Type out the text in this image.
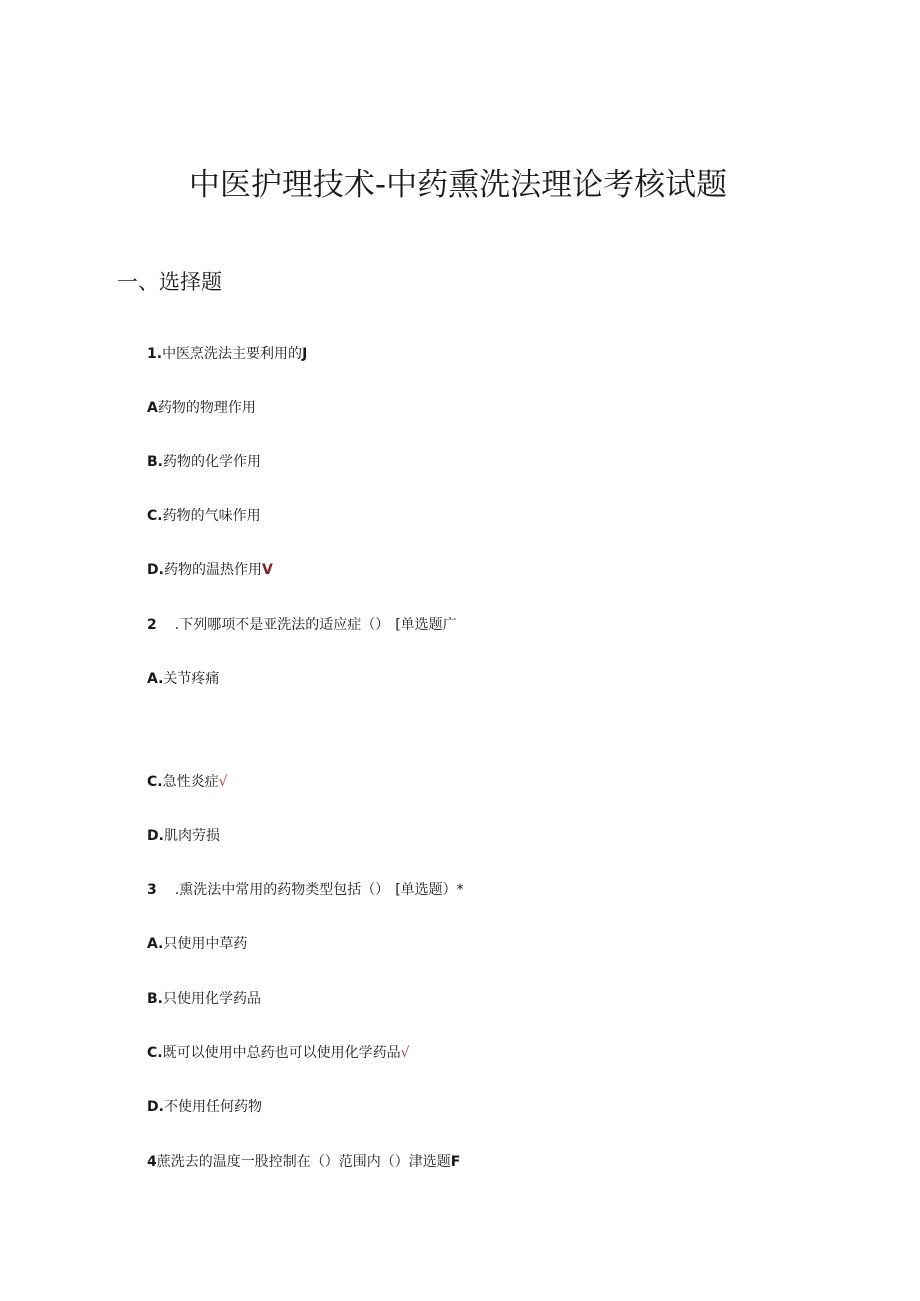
中医护理技术-中药熏洗法理论考核试题
一、选择题

1.中医烹洗法主要利用的J

A药物的物理作用

B.药物的化学作用

C.药物的气味作用

D.药物的温热作用V

2 .下列哪项不是亚洗法的适应症（） [单选题广

A.关节疼痛

C.急性炎症√

D.肌肉劳损

3 .熏洗法中常用的药物类型包括（） [单选题）*

A.只使用中草药

B.只使用化学药品

C.既可以使用中总药也可以使用化学药品√

D.不使用任何药物

4蔗洗去的温度一股控制在（）范围内（）津选题F
